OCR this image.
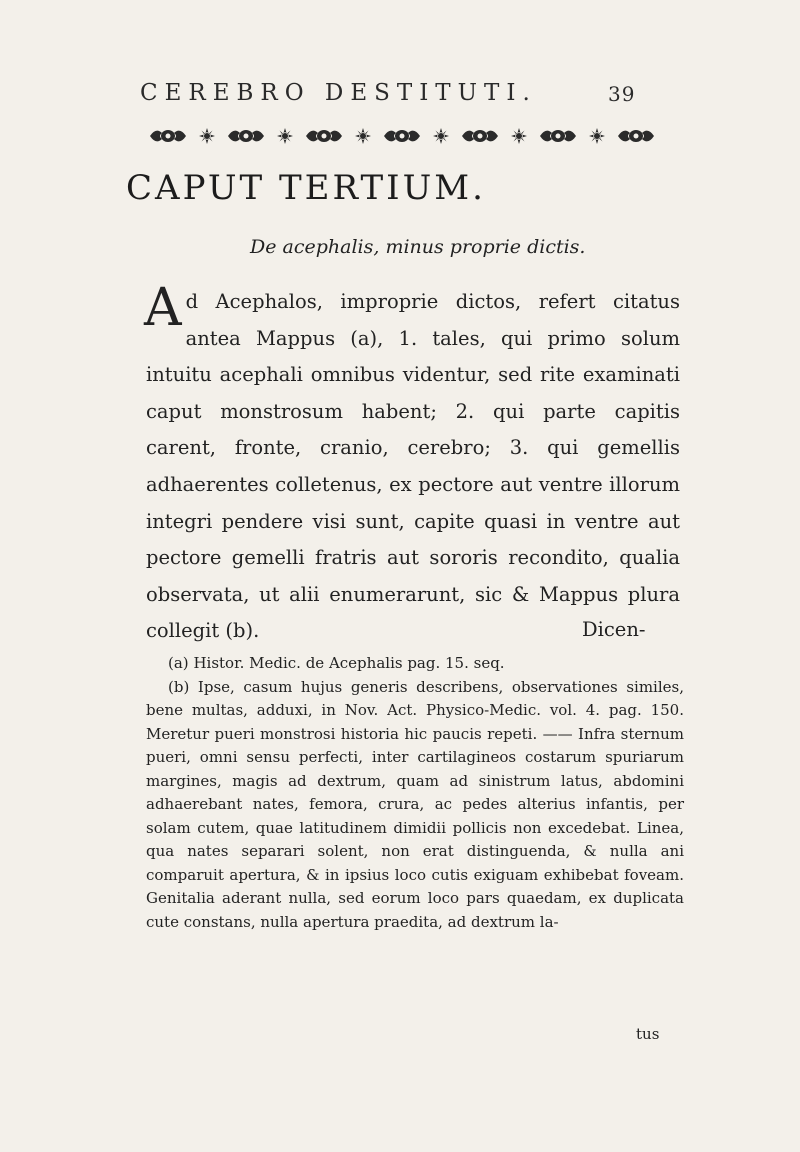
CEREBRO DESTITUTI.	39
CAPUT TERTIUM.
De acephalis, minus proprie dictis.

Ad Acephalos, improprie dictos, refert citatus antea Mappus (a), 1. tales, qui primo solum intuitu acephali omnibus videntur, sed rite examinati caput monstrosum habent; 2. qui parte capitis carent, fronte, cranio, cerebro; 3. qui gemellis adhaerentes colletenus, ex pectore aut ventre illorum integri pendere visi sunt, capite quasi in ventre aut pectore gemelli fratris aut sororis recondito, qualia observata, ut alii enumerarunt, sic & Mappus plura collegit (b).	Dicen-

(a) Histor. Medic. de Acephalis pag. 15. seq.

(b) Ipse, casum hujus generis describens, observationes similes, bene multas, adduxi, in Nov. Act. Physico-Medic. vol. 4. pag. 150. Meretur pueri monstrosi historia hic paucis repeti. —— Infra sternum pueri, omni sensu perfecti, inter cartilagineos costarum spuriarum margines, magis ad dextrum, quam ad sinistrum latus, abdomini adhaerebant nates, femora, crura, ac pedes alterius infantis, per solam cutem, quae latitudinem dimidii pollicis non excedebat. Linea, qua nates separari solent, non erat distinguenda, & nulla ani comparuit apertura, & in ipsius loco cutis exiguam exhibebat foveam. Genitalia aderant nulla, sed eorum loco pars quaedam, ex duplicata cute constans, nulla apertura praedita, ad dextrum la-

tus
